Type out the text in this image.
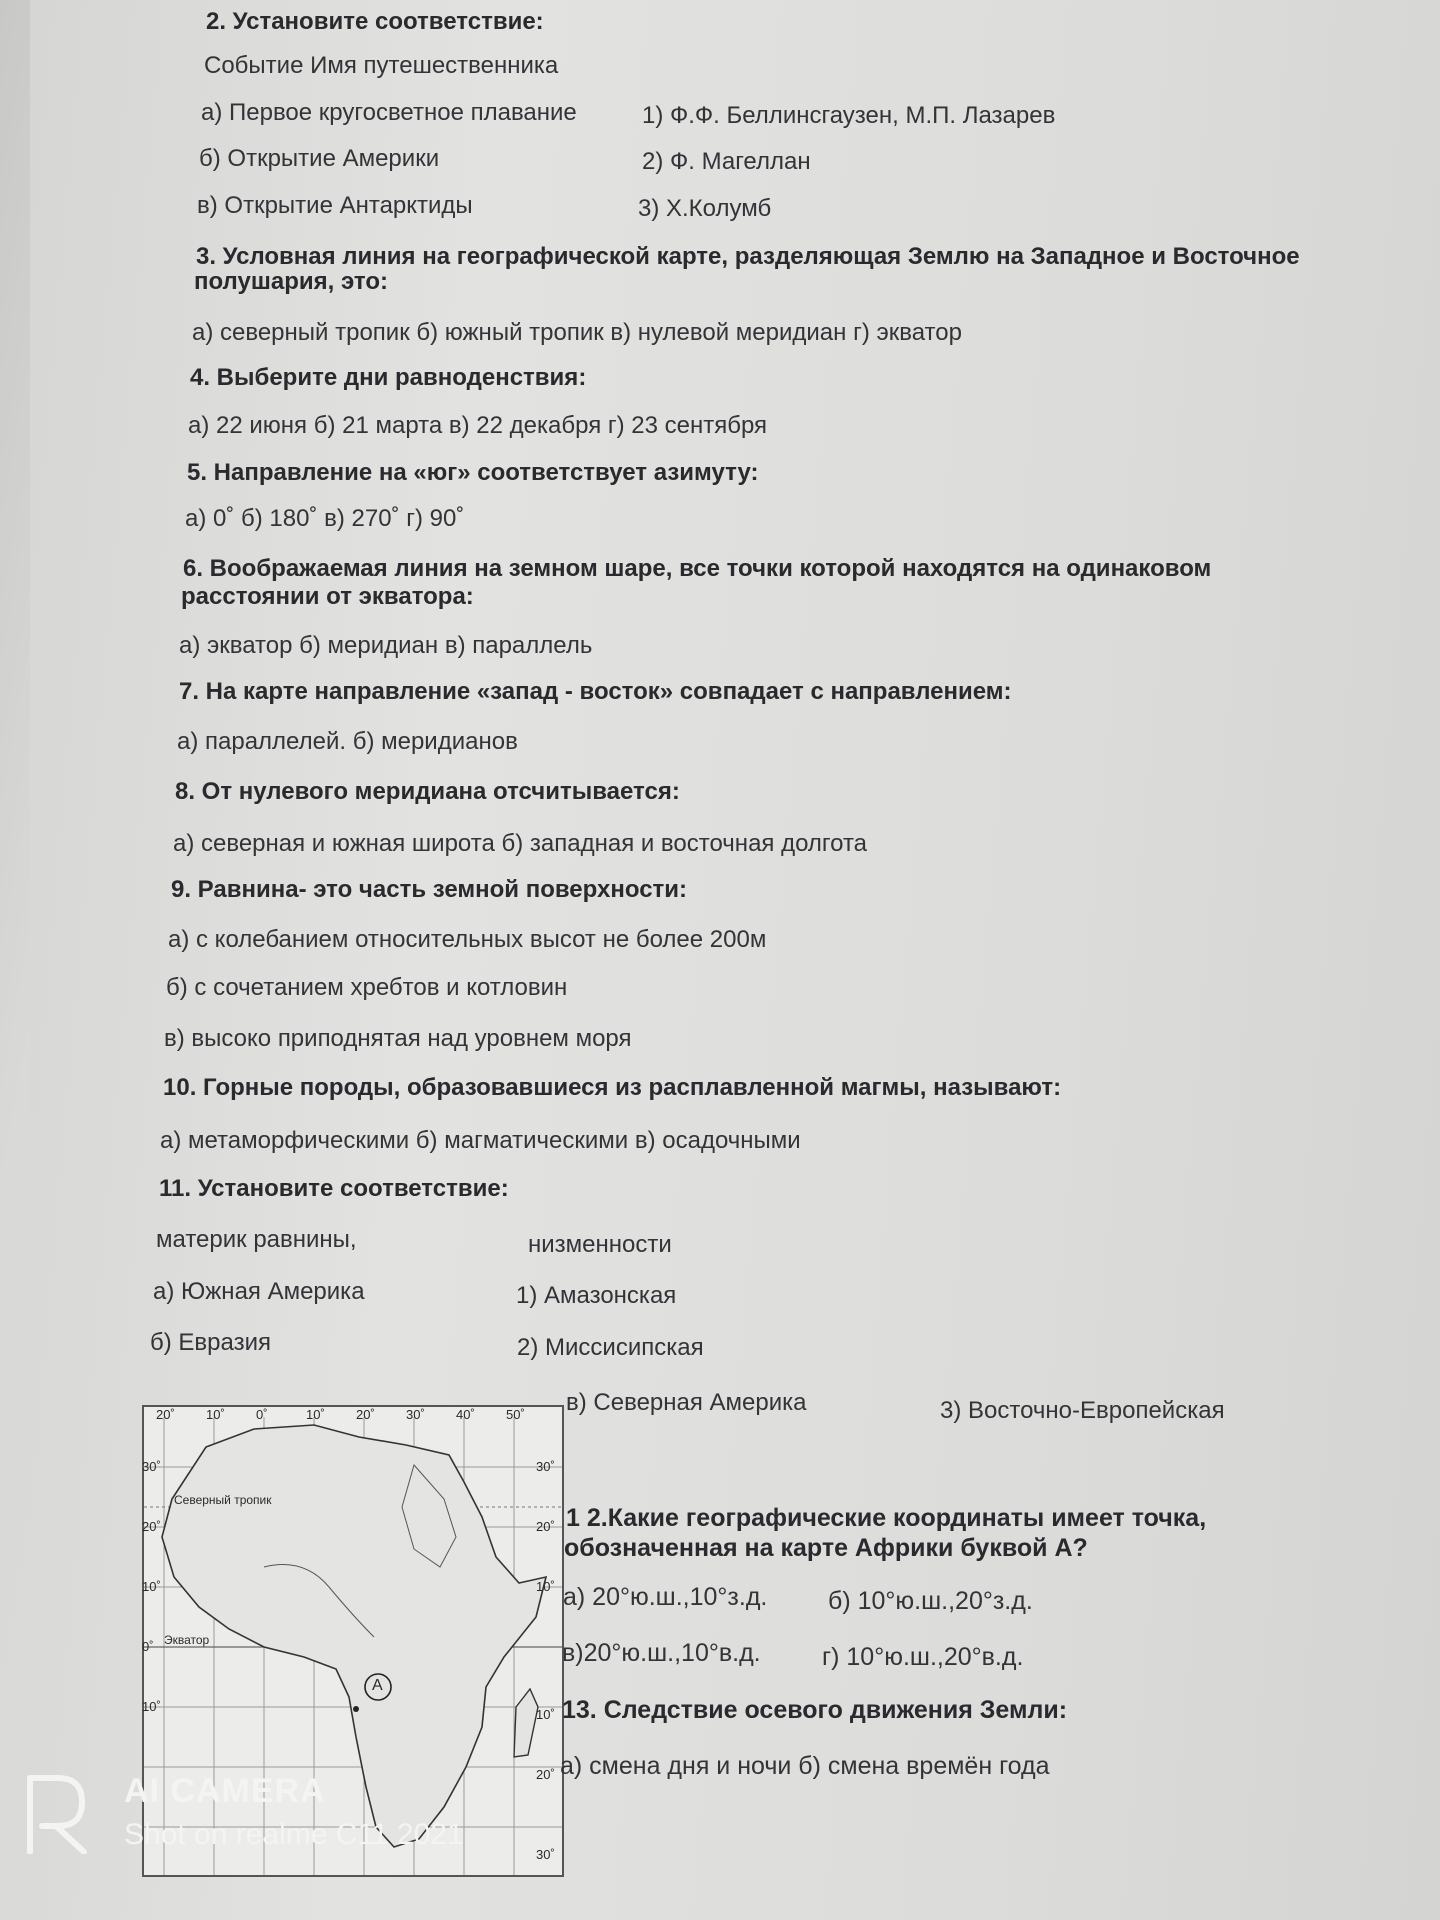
2. Установите соответствие:
Событие Имя путешественника
а) Первое кругосветное плавание	1) Ф.Ф. Беллинсгаузен, М.П. Лазарев
б) Открытие Америки	2) Ф. Магеллан
в) Открытие Антарктиды	3) Х.Колумб
3. Условная линия на географической карте, разделяющая Землю на Западное и Восточное
полушария, это:
а) северный тропик б) южный тропик в) нулевой меридиан г) экватор
4. Выберите дни равноденствия:
а) 22 июня б) 21 марта в) 22 декабря г) 23 сентября
5. Направление на «юг» соответствует азимуту:
а) 0˚ б) 180˚ в) 270˚ г) 90˚
6. Воображаемая линия на земном шаре, все точки которой находятся на одинаковом
расстоянии от экватора:
а) экватор б) меридиан в) параллель
7. На карте направление «запад - восток» совпадает с направлением:
а) параллелей. б) меридианов
8. От нулевого меридиана отсчитывается:
а) северная и южная широта б) западная и восточная долгота
9. Равнина- это часть земной поверхности:
а) с колебанием относительных высот не более 200м
б) с сочетанием хребтов и котловин
в) высоко приподнятая над уровнем моря
10. Горные породы, образовавшиеся из расплавленной магмы, называют:
а) метаморфическими б) магматическими в) осадочными
11. Установите соответствие:
материк равнины,	низменности
а) Южная Америка	1) Амазонская
б) Евразия	2) Миссисипская
в) Северная Америка	3) Восточно-Европейская
20˚ 10˚ 0˚	10˚ 20˚ 30˚ 40˚ 50˚
30˚
20˚
10˚
0˚
10˚
30˚
20˚
10˚
10˚
20˚
30˚
Северный тропик
Экватор
A
1 2.Какие географические координаты имеет точка,
обозначенная на карте Африки буквой А?
а) 20°ю.ш.,10°з.д. б) 10°ю.ш.,20°з.д.
в)20°ю.ш.,10°в.д. г) 10°ю.ш.,20°в.д.
13. Следствие осевого движения Земли:
а) смена дня и ночи б) смена времён года
AI CAMERA
Shot on realme C11 2021
